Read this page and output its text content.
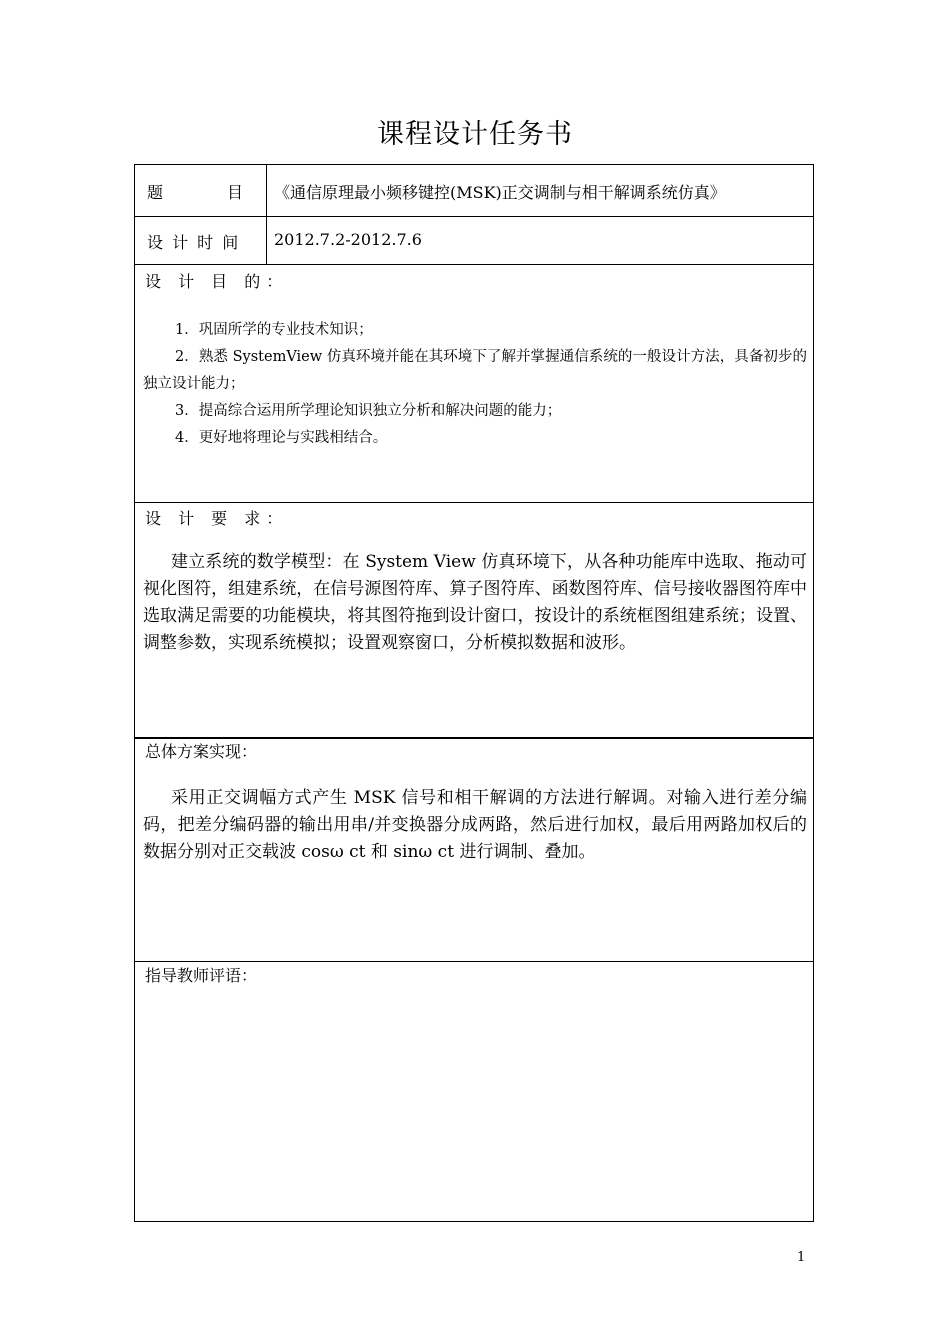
课程设计任务书
题　　　　目 《通信原理最小频移键控(MSK)正交调制与相干解调系统仿真》
设 计 时 间 2012.7.2-2012.7.6
设 计 目 的：
1．巩固所学的专业技术知识；
2．熟悉 SystemView 仿真环境并能在其环境下了解并掌握通信系统的一般设计方法，具备初步的独立设计能力；
3．提高综合运用所学理论知识独立分析和解决问题的能力；
4．更好地将理论与实践相结合。
设 计 要 求：
建立系统的数学模型：在 System View 仿真环境下，从各种功能库中选取、拖动可视化图符，组建系统，在信号源图符库、算子图符库、函数图符库、信号接收器图符库中选取满足需要的功能模块，将其图符拖到设计窗口，按设计的系统框图组建系统；设置、调整参数，实现系统模拟；设置观察窗口，分析模拟数据和波形。
总体方案实现：
采用正交调幅方式产生 MSK 信号和相干解调的方法进行解调。对输入进行差分编码，把差分编码器的输出用串/并变换器分成两路，然后进行加权，最后用两路加权后的数据分别对正交载波 cosω ct 和 sinω ct 进行调制、叠加。
指导教师评语：
1
